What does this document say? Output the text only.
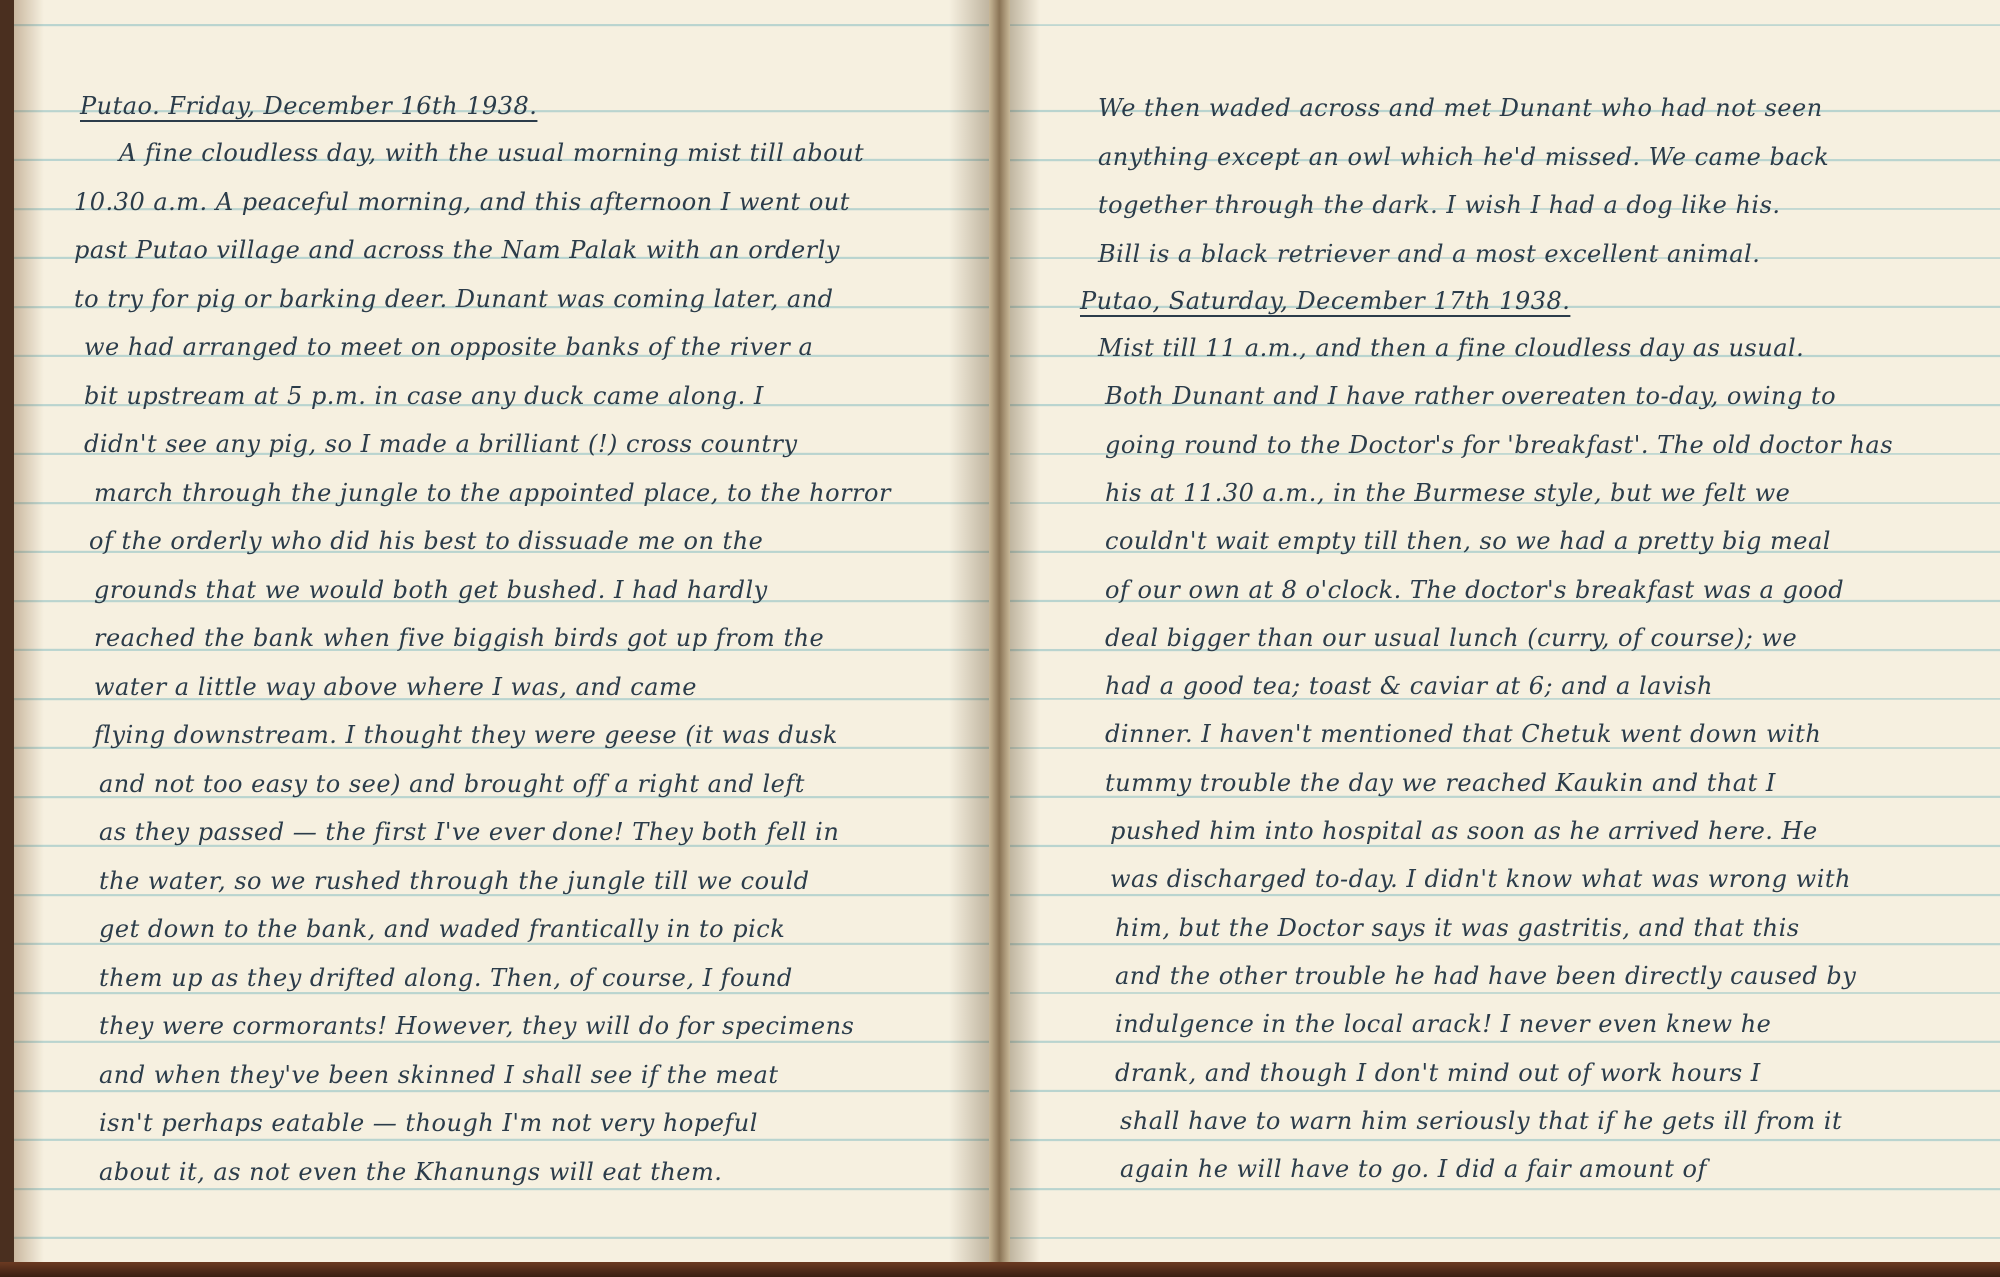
Putao. Friday, December 16th 1938.
A fine cloudless day, with the usual morning mist till about
10.30 a.m. A peaceful morning, and this afternoon I went out
past Putao village and across the Nam Palak with an orderly
to try for pig or barking deer. Dunant was coming later, and
we had arranged to meet on opposite banks of the river a
bit upstream at 5 p.m. in case any duck came along. I
didn't see any pig, so I made a brilliant (!) cross country
march through the jungle to the appointed place, to the horror
of the orderly who did his best to dissuade me on the
grounds that we would both get bushed. I had hardly
reached the bank when five biggish birds got up from the
water a little way above where I was, and came
flying downstream. I thought they were geese (it was dusk
and not too easy to see) and brought off a right and left
as they passed — the first I've ever done! They both fell in
the water, so we rushed through the jungle till we could
get down to the bank, and waded frantically in to pick
them up as they drifted along. Then, of course, I found
they were cormorants! However, they will do for specimens
and when they've been skinned I shall see if the meat
isn't perhaps eatable — though I'm not very hopeful
about it, as not even the Khanungs will eat them.
Putao, Saturday, December 17th 1938.
We then waded across and met Dunant who had not seen
anything except an owl which he'd missed. We came back
together through the dark. I wish I had a dog like his.
Bill is a black retriever and a most excellent animal.
Mist till 11 a.m., and then a fine cloudless day as usual.
Both Dunant and I have rather overeaten to-day, owing to
going round to the Doctor's for 'breakfast'. The old doctor has
his at 11.30 a.m., in the Burmese style, but we felt we
couldn't wait empty till then, so we had a pretty big meal
of our own at 8 o'clock. The doctor's breakfast was a good
deal bigger than our usual lunch (curry, of course); we
had a good tea; toast & caviar at 6; and a lavish
dinner. I haven't mentioned that Chetuk went down with
tummy trouble the day we reached Kaukin and that I
pushed him into hospital as soon as he arrived here. He
was discharged to-day. I didn't know what was wrong with
him, but the Doctor says it was gastritis, and that this
and the other trouble he had have been directly caused by
indulgence in the local arack! I never even knew he
drank, and though I don't mind out of work hours I
shall have to warn him seriously that if he gets ill from it
again he will have to go. I did a fair amount of
